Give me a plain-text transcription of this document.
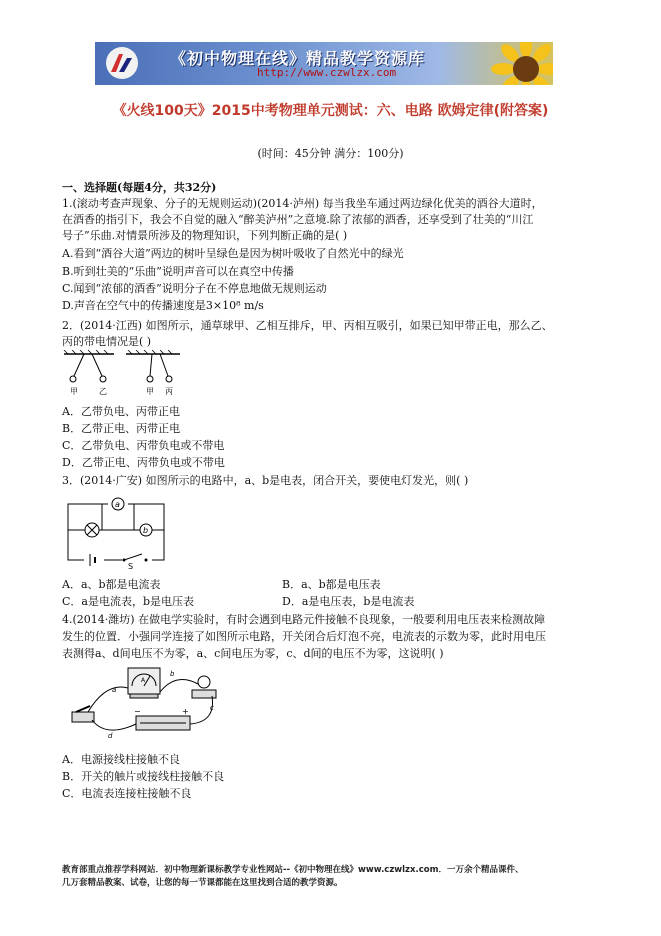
《初中物理在线》精品教学资源库
http://www.czwlzx.com
《火线100天》2015中考物理单元测试：六、电路 欧姆定律(附答案)
(时间：45分钟 满分：100分)
一、选择题(每题4分，共32分)
1.(滚动考查声现象、分子的无规则运动)(2014·泸州) 每当我坐车通过两边绿化优美的酒谷大道时，
在酒香的指引下，我会不自觉的融入“醉美泸州”之意境.除了浓郁的酒香，还享受到了壮美的“川江
号子”乐曲.对情景所涉及的物理知识，下列判断正确的是( )
A.看到“酒谷大道”两边的树叶呈绿色是因为树叶吸收了自然光中的绿光
B.听到壮美的“乐曲”说明声音可以在真空中传播
C.闻到“浓郁的酒香”说明分子在不停息地做无规则运动
D.声音在空气中的传播速度是3×10⁸ m/s
2．(2014·江西) 如图所示，通草球甲、乙相互排斥，甲、丙相互吸引，如果已知甲带正电，那么乙、
丙的带电情况是( )
甲	乙	甲 丙
A．乙带负电、丙带正电
B．乙带正电、丙带正电
C．乙带负电、丙带负电或不带电
D．乙带正电、丙带负电或不带电
3．(2014·广安) 如图所示的电路中，a、b是电表，闭合开关，要使电灯发光，则( )
a
b
S
A．a、b都是电流表	B．a、b都是电压表
C．a是电流表，b是电压表	D．a是电压表，b是电流表
4.(2014·潍坊) 在做电学实验时，有时会遇到电路元件接触不良现象，一般要利用电压表来检测故障
发生的位置．小强同学连接了如图所示电路，开关闭合后灯泡不亮，电流表的示数为零，此时用电压
表测得a、d间电压不为零，a、c间电压为零，c、d间的电压不为零，这说明( )
A
−	+
a
b
c
d
A．电源接线柱接触不良
B．开关的触片或接线柱接触不良
C．电流表连接柱接触不良
教育部重点推荐学科网站．初中物理新课标教学专业性网站--《初中物理在线》www.czwlzx.com．一万余个精品课件、
几万套精品教案、试卷，让您的每一节课都能在这里找到合适的教学资源。
